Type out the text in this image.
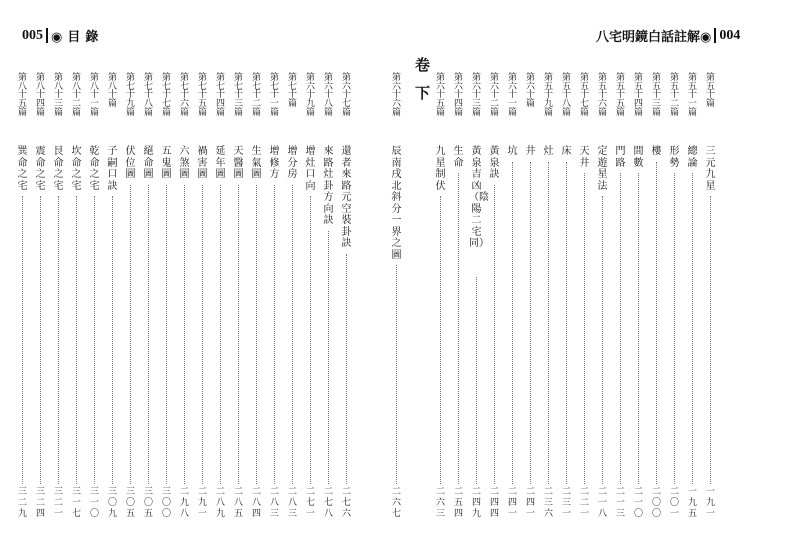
005 ◉目錄	八宅明鏡白話註解◉ 004
卷
下
第五十篇
三元九星
一九一
第五十一篇
總論
一九五
第五十二篇
形勢
二〇一
第五十三篇
樓
二〇〇
第五十四篇
間數
二一〇
第五十五篇
門路
二一三
第五十六篇
定遊星法
二一八
第五十七篇
天井
二二一
第五十八篇
床
二三一
第五十九篇
灶
二三六
第六十篇
井
二四一
第六十一篇
坑
二四一
第六十二篇
黃泉訣
二四四
第六十三篇
黃泉吉凶（陰陽二宅同）
二四九
第六十四篇
生命
二五四
第六十五篇
九星制伏
二六三
第六十六篇
辰南戌北斜分一界之圖
二六七
第六十七篇
還者來路元空裝卦訣
二七六
第六十八篇
來路灶卦方向訣
二七八
第六十九篇
增灶口向
二七一
第七十篇
增分房
二八三
第七十一篇
增修方
二八三
第七十二篇
生氣圖
二八四
第七十三篇
天醫圖
二八五
第七十四篇
延年圖
二八九
第七十五篇
禍害圖
二九一
第七十六篇
六煞圖
二九八
第七十七篇
五鬼圖
三〇〇
第七十八篇
絕命圖
三〇五
第七十九篇
伏位圖
三〇五
第八十篇
子嗣口訣
三〇九
第八十一篇
乾命之宅
三一〇
第八十二篇
坎命之宅
三一七
第八十三篇
艮命之宅
三二一
第八十四篇
震命之宅
三二四
第八十五篇
巽命之宅
三二九
